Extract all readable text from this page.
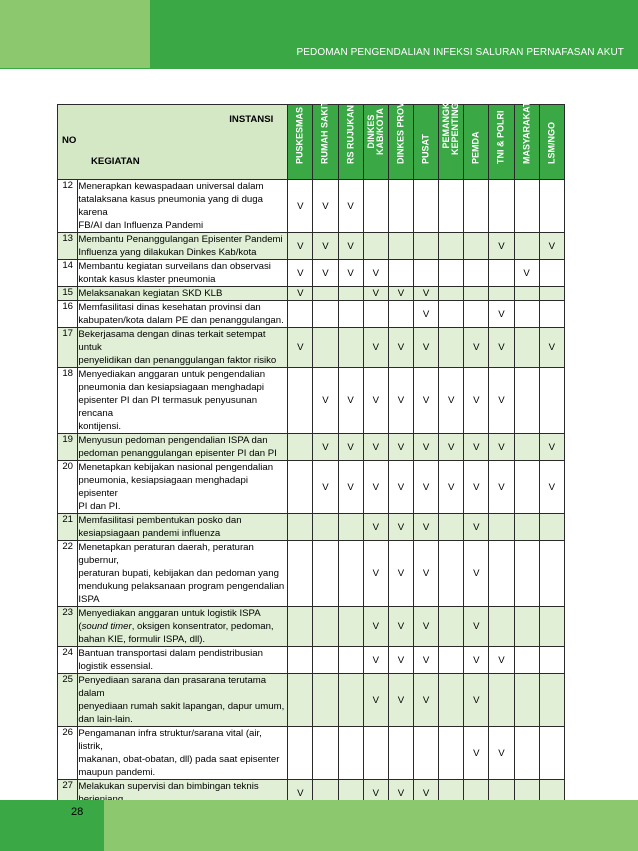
PEDOMAN PENGENDALIAN INFEKSI SALURAN PERNAFASAN AKUT
INSTANSI
NO
KEGIATAN		PUSKESMAS	RUMAH SAKIT	RS RUJUKAN	DINKES KAB/KOTA	DINKES PROV	PUSAT	PEMANGKU KEPENTINGAN	PEMDA	TNI & POLRI	MASYARAKAT	LSM/NGO

12	Menerapkan kewaspadaan universal dalam
tatalaksana kasus pneumonia yang di duga karena
FB/AI dan Influenza Pandemi	V	V	V								
13	Membantu Penanggulangan Episenter Pandemi
Influenza yang dilakukan Dinkes Kab/kota	V	V	V						V		V
14	Membantu kegiatan surveilans dan observasi
kontak kasus klaster pneumonia	V	V	V	V						V	
15	Melaksanakan kegiatan SKD KLB	V			V	V	V					
16	Memfasilitasi dinas kesehatan provinsi dan
kabupaten/kota dalam PE dan penanggulangan.						V			V		
17	Bekerjasama dengan dinas terkait setempat untuk
penyelidikan dan penanggulangan faktor risiko	V			V	V	V		V	V		V
18	Menyediakan anggaran untuk pengendalian
pneumonia dan kesiapsiagaan menghadapi
episenter PI dan PI termasuk penyusunan rencana
kontijensi.		V	V	V	V	V	V	V	V		
19	Menyusun pedoman pengendalian ISPA dan
pedoman penanggulangan episenter PI dan PI		V	V	V	V	V	V	V	V		V
20	Menetapkan kebijakan nasional pengendalian
pneumonia, kesiapsiagaan menghadapi episenter
PI dan PI.		V	V	V	V	V	V	V	V		V
21	Memfasilitasi pembentukan posko dan
kesiapsiagaan pandemi influenza				V	V	V		V			
22	Menetapkan peraturan daerah, peraturan gubernur,
peraturan bupati, kebijakan dan pedoman yang
mendukung pelaksanaan program pengendalian
ISPA				V	V	V		V			
23	Menyediakan anggaran untuk logistik ISPA
(sound timer, oksigen konsentrator, pedoman,
bahan KIE, formulir ISPA, dll).				V	V	V		V			
24	Bantuan transportasi dalam pendistribusian
logistik essensial.				V	V	V		V	V		
25	Penyediaan sarana dan prasarana terutama dalam
penyediaan rumah sakit lapangan, dapur umum,
dan lain-lain.				V	V	V		V			
26	Pengamanan infra struktur/sarana vital (air, listrik,
makanan, obat-obatan, dll) pada saat episenter
maupun pandemi.								V	V		
27	Melakukan supervisi dan bimbingan teknis	V			V	V	V					
28
